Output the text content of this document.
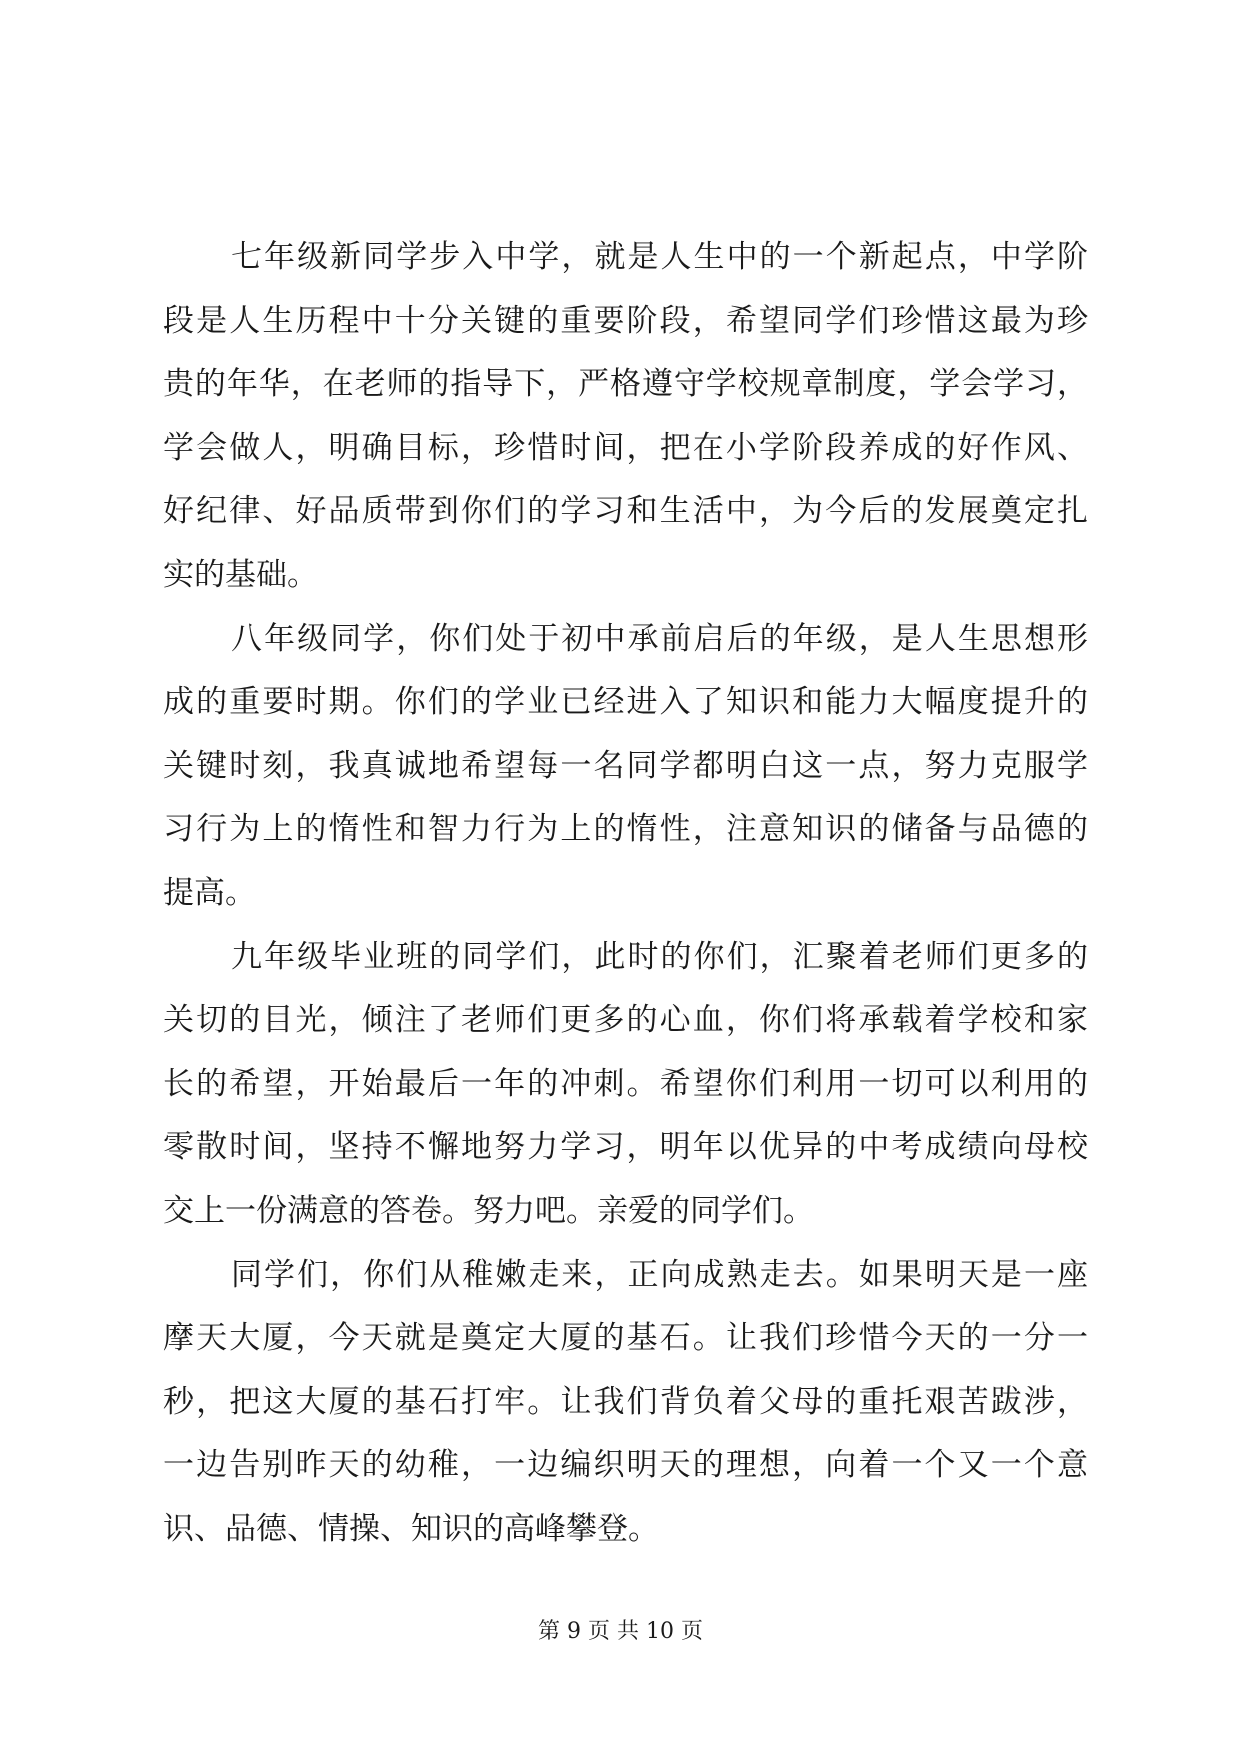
七年级新同学步入中学，就是人生中的一个新起点，中学阶
段是人生历程中十分关键的重要阶段，希望同学们珍惜这最为珍
贵的年华，在老师的指导下，严格遵守学校规章制度，学会学习，
学会做人，明确目标，珍惜时间，把在小学阶段养成的好作风、
好纪律、好品质带到你们的学习和生活中，为今后的发展奠定扎
实的基础。
八年级同学，你们处于初中承前启后的年级，是人生思想形
成的重要时期。你们的学业已经进入了知识和能力大幅度提升的
关键时刻，我真诚地希望每一名同学都明白这一点，努力克服学
习行为上的惰性和智力行为上的惰性，注意知识的储备与品德的
提高。
九年级毕业班的同学们，此时的你们，汇聚着老师们更多的
关切的目光，倾注了老师们更多的心血，你们将承载着学校和家
长的希望，开始最后一年的冲刺。希望你们利用一切可以利用的
零散时间，坚持不懈地努力学习，明年以优异的中考成绩向母校
交上一份满意的答卷。努力吧。亲爱的同学们。
同学们，你们从稚嫩走来，正向成熟走去。如果明天是一座
摩天大厦，今天就是奠定大厦的基石。让我们珍惜今天的一分一
秒，把这大厦的基石打牢。让我们背负着父母的重托艰苦跋涉，
一边告别昨天的幼稚，一边编织明天的理想，向着一个又一个意
识、品德、情操、知识的高峰攀登。
第 9 页 共 10 页
